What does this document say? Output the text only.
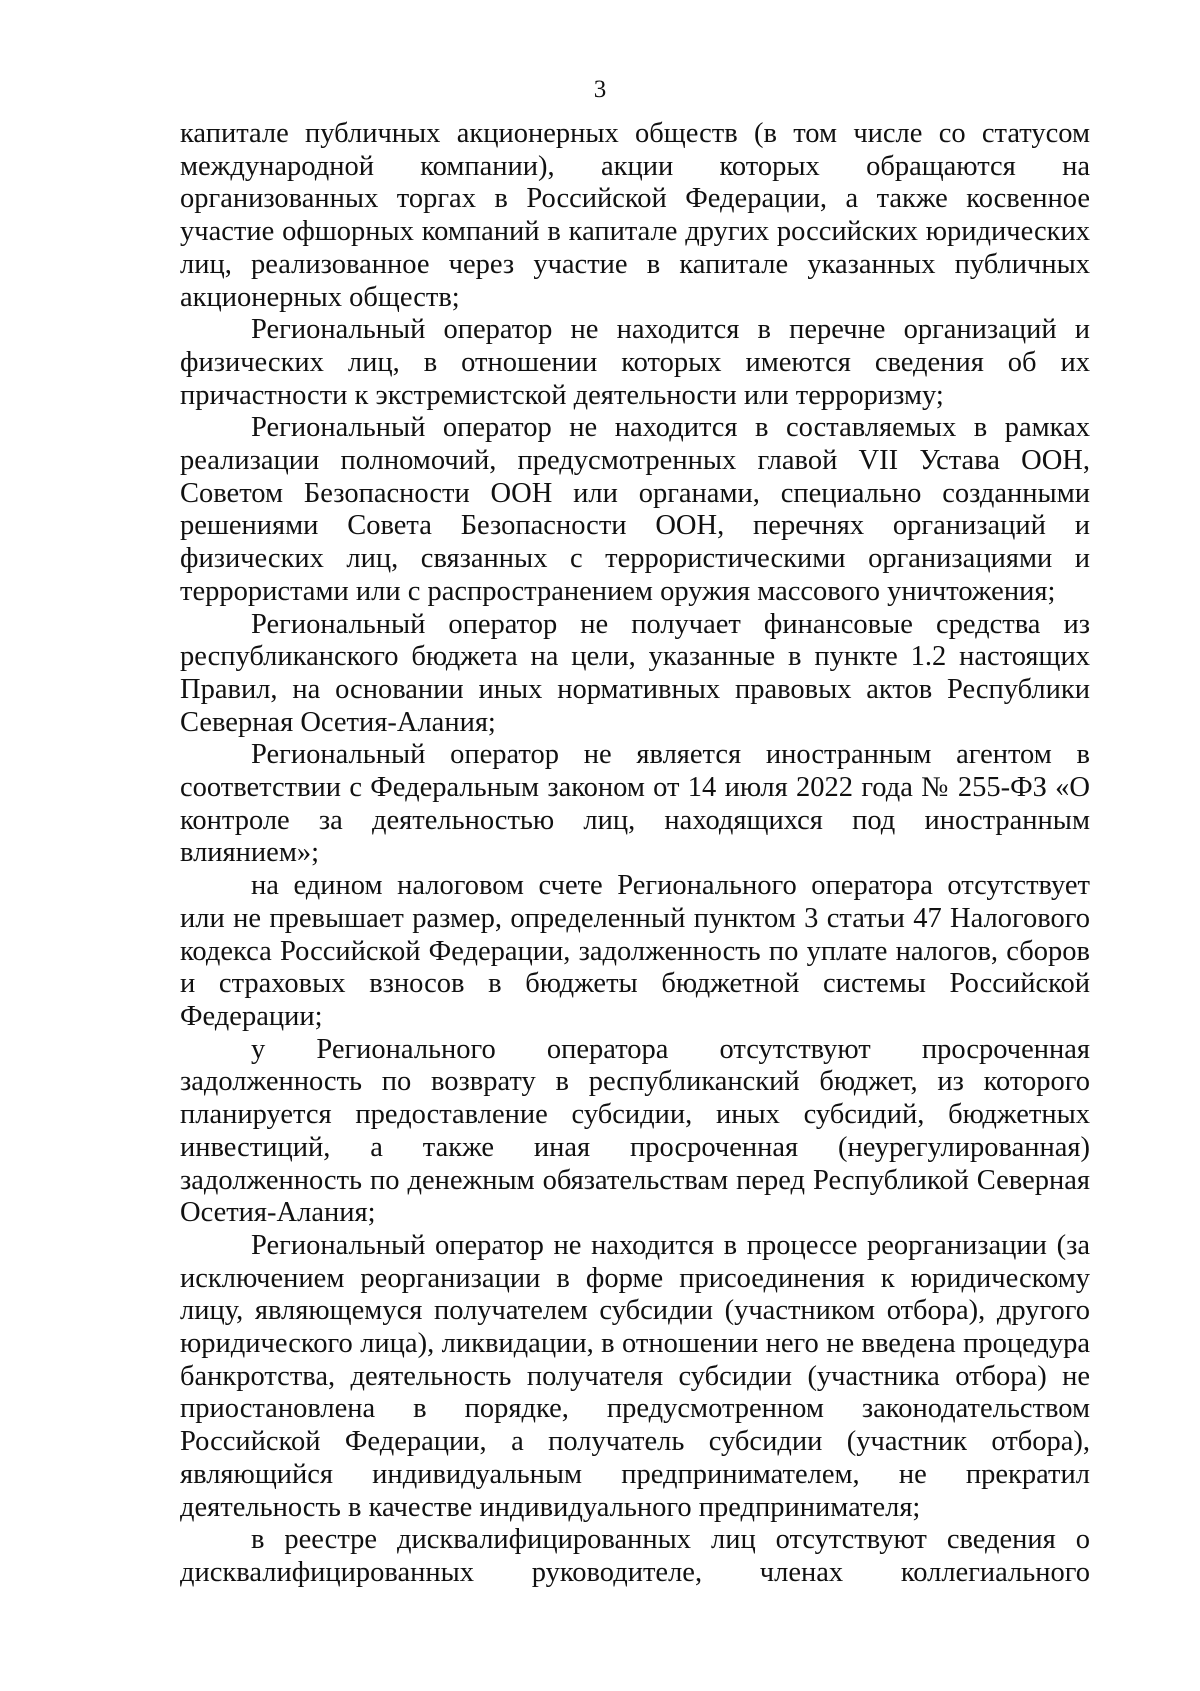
3

капитале публичных акционерных обществ (в том числе со статусом международной компании), акции которых обращаются на организованных торгах в Российской Федерации, а также косвенное участие офшорных компаний в капитале других российских юридических лиц, реализованное через участие в капитале указанных публичных акционерных обществ;

Региональный оператор не находится в перечне организаций и физических лиц, в отношении которых имеются сведения об их причастности к экстремистской деятельности или терроризму;

Региональный оператор не находится в составляемых в рамках реализации полномочий, предусмотренных главой VII Устава ООН, Советом Безопасности ООН или органами, специально созданными решениями Совета Безопасности ООН, перечнях организаций и физических лиц, связанных с террористическими организациями и террористами или с распространением оружия массового уничтожения;

Региональный оператор не получает финансовые средства из республиканского бюджета на цели, указанные в пункте 1.2 настоящих Правил, на основании иных нормативных правовых актов Республики Северная Осетия-Алания;

Региональный оператор не является иностранным агентом в соответствии с Федеральным законом от 14 июля 2022 года № 255-ФЗ «О контроле за деятельностью лиц, находящихся под иностранным влиянием»;

на едином налоговом счете Регионального оператора отсутствует или не превышает размер, определенный пунктом 3 статьи 47 Налогового кодекса Российской Федерации, задолженность по уплате налогов, сборов и страховых взносов в бюджеты бюджетной системы Российской Федерации;

у Регионального оператора отсутствуют просроченная задолженность по возврату в республиканский бюджет, из которого планируется предоставление субсидии, иных субсидий, бюджетных инвестиций, а также иная просроченная (неурегулированная) задолженность по денежным обязательствам перед Республикой Северная Осетия-Алания;

Региональный оператор не находится в процессе реорганизации (за исключением реорганизации в форме присоединения к юридическому лицу, являющемуся получателем субсидии (участником отбора), другого юридического лица), ликвидации, в отношении него не введена процедура банкротства, деятельность получателя субсидии (участника отбора) не приостановлена в порядке, предусмотренном законодательством Российской Федерации, а получатель субсидии (участник отбора), являющийся индивидуальным предпринимателем, не прекратил деятельность в качестве индивидуального предпринимателя;

в реестре дисквалифицированных лиц отсутствуют сведения о дисквалифицированных руководителе, членах коллегиального
